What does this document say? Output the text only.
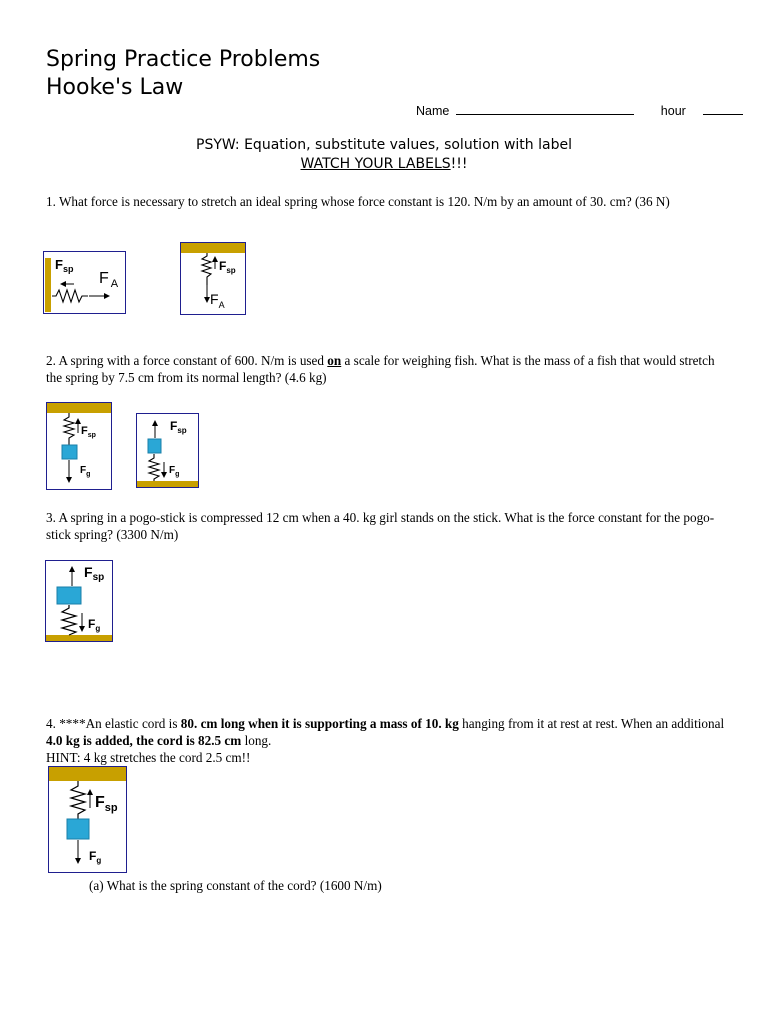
Spring Practice Problems
Hooke's Law
Name	hour
PSYW: Equation, substitute values, solution with label
WATCH YOUR LABELS!!!
1. What force is necessary to stretch an ideal spring whose force constant is 120. N/m by an amount of 30. cm? (36 N)
$F_{sp}$
F $_A$
$F_{sp}$
$F_A$
2. A spring with a force constant of 600. N/m is used on a scale for weighing fish. What is the mass of a fish that would stretch the spring by 7.5 cm from its normal length? (4.6 kg)
$F_{sp}$
$F_g$
$F_{sp}$
$F_g$
3. A spring in a pogo-stick is compressed 12 cm when a 40. kg girl stands on the stick. What is the force constant for the pogo-stick spring? (3300 N/m)
$F_{sp}$
$F_g$
4. ****An elastic cord is 80. cm long when it is supporting a mass of 10. kg hanging from it at rest at rest. When an additional 4.0 kg is added, the cord is 82.5 cm long.
HINT: 4 kg stretches the cord 2.5 cm!!
$F_{sp}$
$F_g$
(a) What is the spring constant of the cord? (1600 N/m)
